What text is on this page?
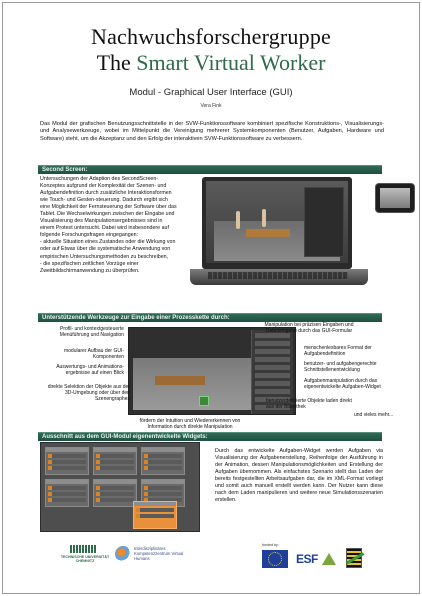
Nachwuchsforschergruppe
The Smart Virtual Worker
Modul - Graphical User Interface (GUI)
Vera Fink
Das Modul der grafischen Benutzungsschnittstelle in der SVW-Funktionssoftware kombiniert spezifische Konstruktions-, Visualisierungs- und Analysewerkzeuge, wobei im Mittelpunkt die Vereinigung mehrerer Systemkomponenten (Benutzer, Aufgaben, Hardware und Software) steht, um die Akzeptanz und den Erfolg der interaktiven SVW-Funktionssoftware zu verbessern.
Second Screen:

Untersuchungen der Adaption des SecondScreen-Konzeptes aufgrund der Komplexität der Szenen- und Aufgabendefinition durch zusätzliche Interaktionsformen wie Touch- und Gesten-steuerung. Dadurch ergibt sich eine Möglichkeit der Fernsteuerung der Software über das Tablet. Die Wechselwirkungen zwischen der Eingabe und Visualisierung des Manipulationsergebnisses sind in einem Protest untersucht. Dabei wird insbesondere auf folgende Forschungsfragen eingegangen:

- aktuelle Situation eines Zustandes oder die Wirkung von oder auf Etwas über die systematische Anwendung von empirischen Untersuchungsmethoden zu beschreiben,

- die spezifischen zeitlichen Vorzüge einer Zweitbildschirmanwendung zu überprüfen.

Unterstützende Werkzeuge zur Eingabe einer Prozesskette durch:
Profil- und kontextgesteuerte Menüführung und Navigation
modularer Aufbau der GUI-Komponenten
Auswertungs- und Animations-ergebnisse auf einen Blick
direkte Selektion der Objekte aus der 3D-Umgebung oder über den Szenengraphes
fördern der Intuition und Wiedererkennen von Information durch direkte Manipulation
Manipulation bei präzisen Eingaben und Dateneingabe durch das GUI-Formular
menschenlesbares Format der Aufgabendefinition
benutzer- und aufgabengerechte Schnittstellenentwicklung
Aufgabenmanipulation durch das eigenentwickelte Aufgaben-Widget
benutzerdefinierte Objekte laden direkt aus der Bibliothek
und vieles mehr...
Ausschnitt aus dem GUI-Modul eigenentwickelte Widgets:
Durch das entwickelte Aufgaben-Widget werden Aufgaben via Visualisierung der Aufgabenerstellung, Reihenfolge der Ausführung in der Animation, dessen Manipulationsmöglichkeiten und Erstellung der Aufgaben übernommen. Als einfachstes Szenario stellt das Laden der bereits festgestellten Arbeitsaufgaben dar, die im XML-Format vorliegt und somit auch manuell erstellt werden kann. Der Nutzer kann diese nach dem Laden manipulieren und weitere neue Simulationsszenarien erstellen.
TECHNISCHE UNIVERSITÄT CHEMNITZ
Interdisziplinäres Kompetenzzentrum Virtual Humans
funded by:
ESF
